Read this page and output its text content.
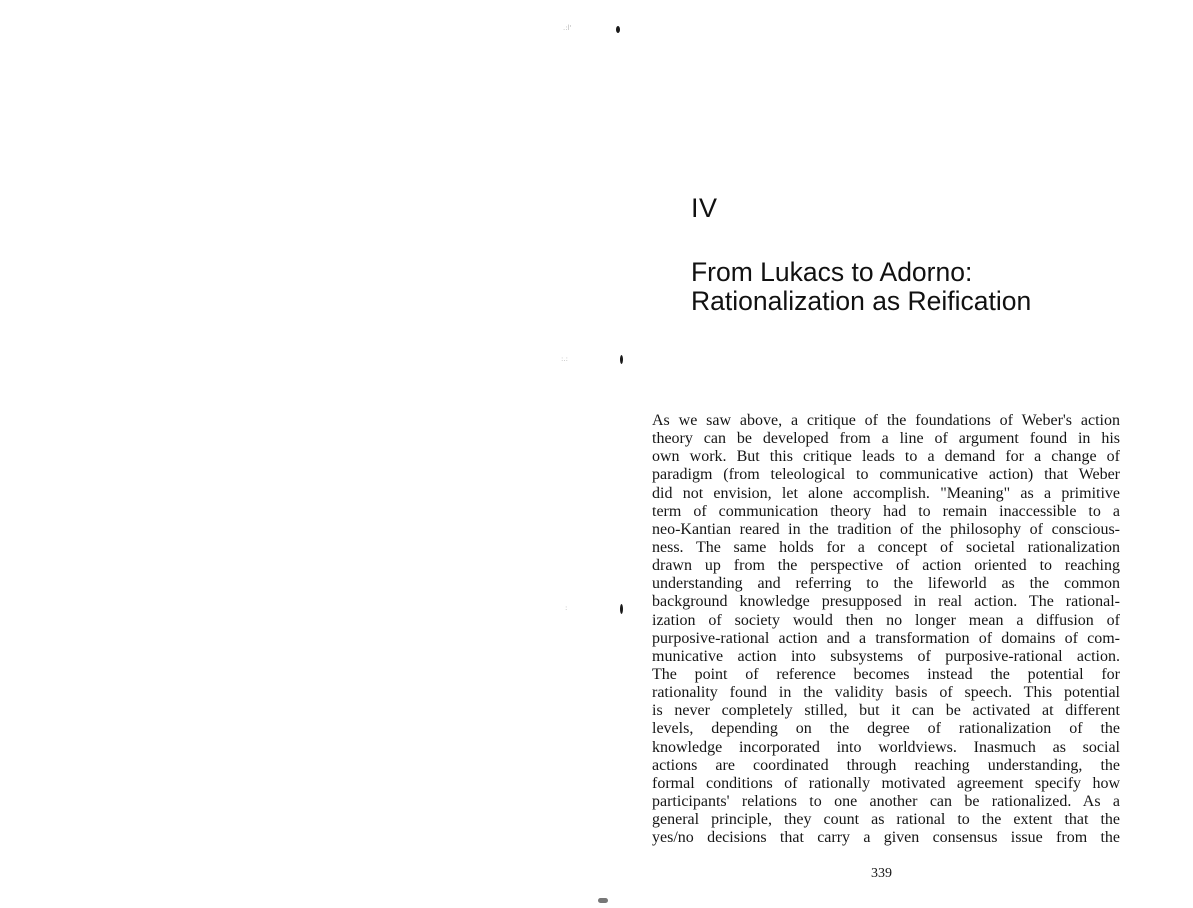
.:l'
:.:
:
IV
From Lukacs to Adorno:
Rationalization as Reification
As we saw above, a critique of the foundations of Weber's action
theory can be developed from a line of argument found in his
own work. But this critique leads to a demand for a change of
paradigm (from teleological to communicative action) that Weber
did not envision, let alone accomplish. "Meaning" as a primitive
term of communication theory had to remain inaccessible to a
neo-Kantian reared in the tradition of the philosophy of conscious-
ness. The same holds for a concept of societal rationalization
drawn up from the perspective of action oriented to reaching
understanding and referring to the lifeworld as the common
background knowledge presupposed in real action. The rational-
ization of society would then no longer mean a diffusion of
purposive-rational action and a transformation of domains of com-
municative action into subsystems of purposive-rational action.
The point of reference becomes instead the potential for
rationality found in the validity basis of speech. This potential
is never completely stilled, but it can be activated at different
levels, depending on the degree of rationalization of the
knowledge incorporated into worldviews. Inasmuch as social
actions are coordinated through reaching understanding, the
formal conditions of rationally motivated agreement specify how
participants' relations to one another can be rationalized. As a
general principle, they count as rational to the extent that the
yes/no decisions that carry a given consensus issue from the
339
